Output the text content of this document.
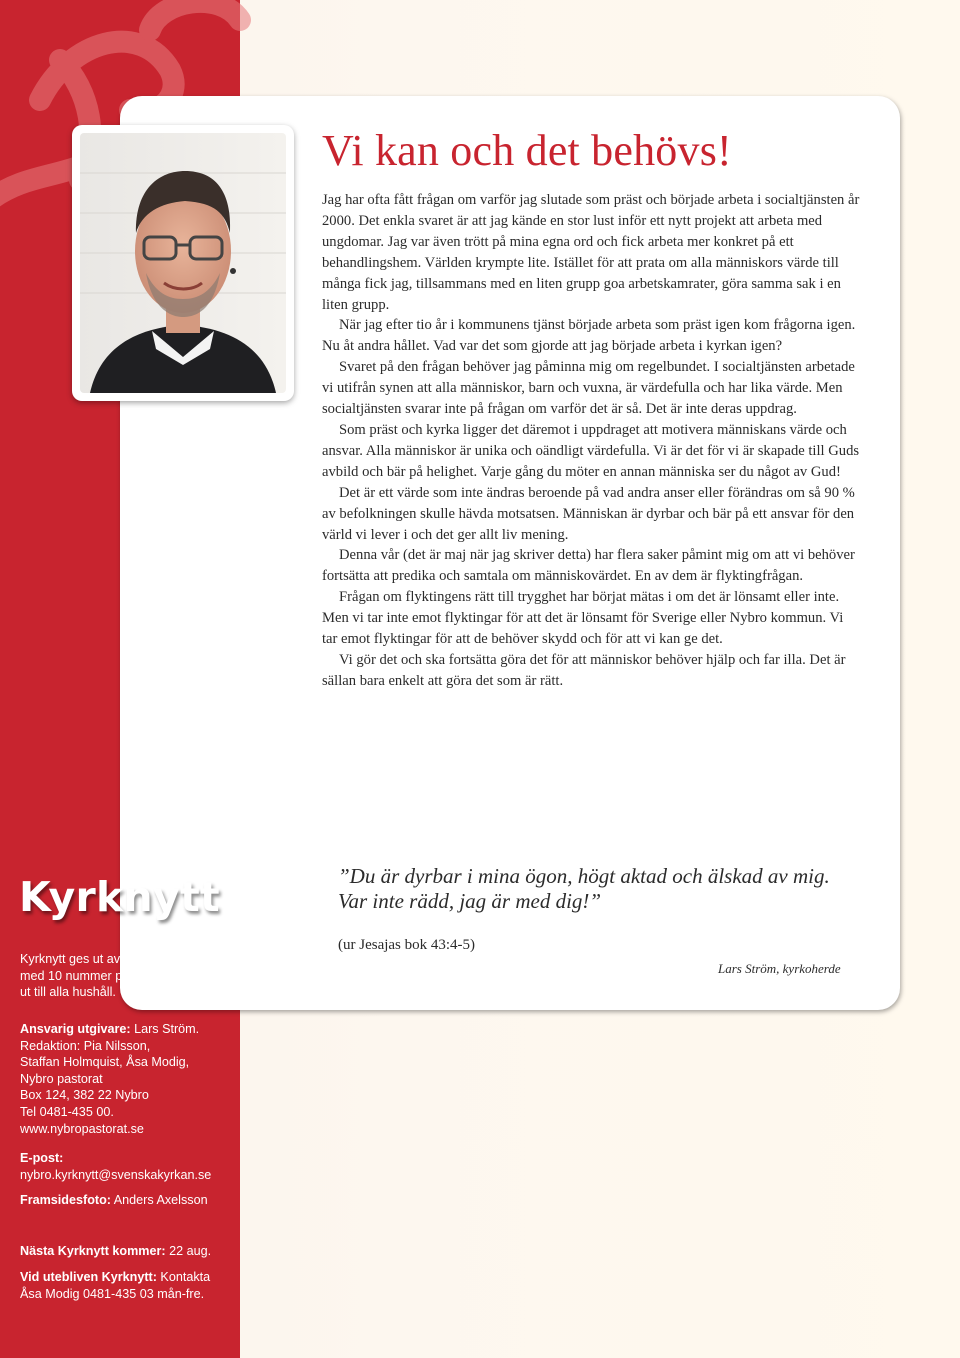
Vi kan och det behövs!

Jag har ofta fått frågan om varför jag slutade som präst och började arbeta i socialtjänsten år 2000. Det enkla svaret är att jag kände en stor lust inför ett nytt projekt att arbeta med ungdomar. Jag var även trött på mina egna ord och fick arbeta mer konkret på ett behandlingshem. Världen krympte lite. Istället för att prata om alla människors värde till många fick jag, tillsammans med en liten grupp goa arbetskamrater, göra samma sak i en liten grupp.

När jag efter tio år i kommunens tjänst började arbeta som präst igen kom frågorna igen. Nu åt andra hållet. Vad var det som gjorde att jag började arbeta i kyrkan igen?

Svaret på den frågan behöver jag påminna mig om regelbundet. I socialtjänsten arbetade vi utifrån synen att alla människor, barn och vuxna, är värdefulla och har lika värde. Men socialtjänsten svarar inte på frågan om varför det är så. Det är inte deras uppdrag.

Som präst och kyrka ligger det däremot i uppdraget att motivera människans värde och ansvar. Alla människor är unika och oändligt värdefulla. Vi är det för vi är skapade till Guds avbild och bär på helighet. Varje gång du möter en annan människa ser du något av Gud!

Det är ett värde som inte ändras beroende på vad andra anser eller förändras om så 90 % av befolkningen skulle hävda motsatsen. Människan är dyrbar och bär på ett ansvar för den värld vi lever i och det ger allt liv mening.

Denna vår (det är maj när jag skriver detta) har flera saker påmint mig om att vi behöver fortsätta att predika och samtala om människovärdet. En av dem är flyktingfrågan.

Frågan om flyktingens rätt till trygghet har börjat mätas i om det är lönsamt eller inte. Men vi tar inte emot flyktingar för att det är lönsamt för Sverige eller Nybro kommun. Vi tar emot flyktingar för att de behöver skydd och för att vi kan ge det.

Vi gör det och ska fortsätta göra det för att människor behöver hjälp och far illa. Det är sällan bara enkelt att göra det som är rätt.

”Du är dyrbar i mina ögon, högt aktad och älskad av mig.
Var inte rädd, jag är med dig!”

(ur Jesajas bok 43:4-5)
Lars Ström, kyrkoherde
Kyrknytt
Kyrknytt ges ut av Nybro Pastorat
med 10 nummer per år och delas
ut till alla hushåll.
Ansvarig utgivare: Lars Ström.
Redaktion: Pia Nilsson,
Staffan Holmquist, Åsa Modig,
Nybro pastorat
Box 124, 382 22 Nybro
Tel 0481-435 00.
www.nybropastorat.se
E-post:
nybro.kyrknytt@svenskakyrkan.se
Framsidesfoto: Anders Axelsson
Nästa Kyrknytt kommer: 22 aug.
Vid utebliven Kyrknytt: Kontakta
Åsa Modig 0481-435 03 mån-fre.
